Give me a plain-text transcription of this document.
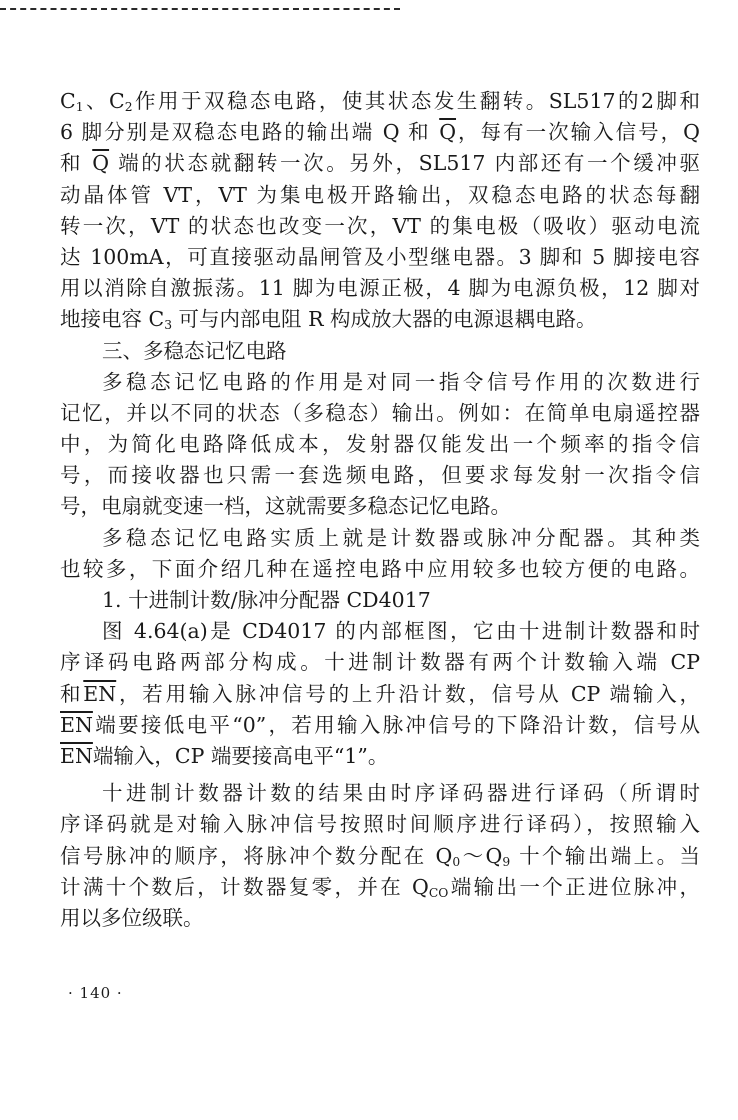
$C_1$、$C_2$作用于双稳态电路，使其状态发生翻转。SL517的2脚和
6 脚分别是双稳态电路的输出端 Q 和 $\overline{Q}$，每有一次输入信号，Q
和 $\overline{Q}$ 端的状态就翻转一次。另外，SL517 内部还有一个缓冲驱
动晶体管 VT，VT 为集电极开路输出，双稳态电路的状态每翻
转一次，VT 的状态也改变一次，VT 的集电极（吸收）驱动电流
达 100mA，可直接驱动晶闸管及小型继电器。3 脚和 5 脚接电容
用以消除自激振荡。11 脚为电源正极，4 脚为电源负极，12 脚对
地接电容 $C_3$ 可与内部电阻 R 构成放大器的电源退耦电路。
三、多稳态记忆电路
多稳态记忆电路的作用是对同一指令信号作用的次数进行
记忆，并以不同的状态（多稳态）输出。例如：在简单电扇遥控器
中，为简化电路降低成本，发射器仅能发出一个频率的指令信
号，而接收器也只需一套选频电路，但要求每发射一次指令信
号，电扇就变速一档，这就需要多稳态记忆电路。
多稳态记忆电路实质上就是计数器或脉冲分配器。其种类
也较多，下面介绍几种在遥控电路中应用较多也较方便的电路。
1. 十进制计数/脉冲分配器 CD4017
图 4.64(a)是 CD4017 的内部框图，它由十进制计数器和时
序译码电路两部分构成。十进制计数器有两个计数输入端 CP
和$\overline{EN}$，若用输入脉冲信号的上升沿计数，信号从 CP 端输入，
$\overline{EN}$端要接低电平“0”，若用输入脉冲信号的下降沿计数，信号从
$\overline{EN}$端输入，CP 端要接高电平“1”。
十进制计数器计数的结果由时序译码器进行译码（所谓时
序译码就是对输入脉冲信号按照时间顺序进行译码），按照输入
信号脉冲的顺序，将脉冲个数分配在 $Q_0\sim Q_9$ 十个输出端上。当
计满十个数后，计数器复零，并在 $Q_{CO}$端输出一个正进位脉冲，
用以多位级联。
· 140 ·
